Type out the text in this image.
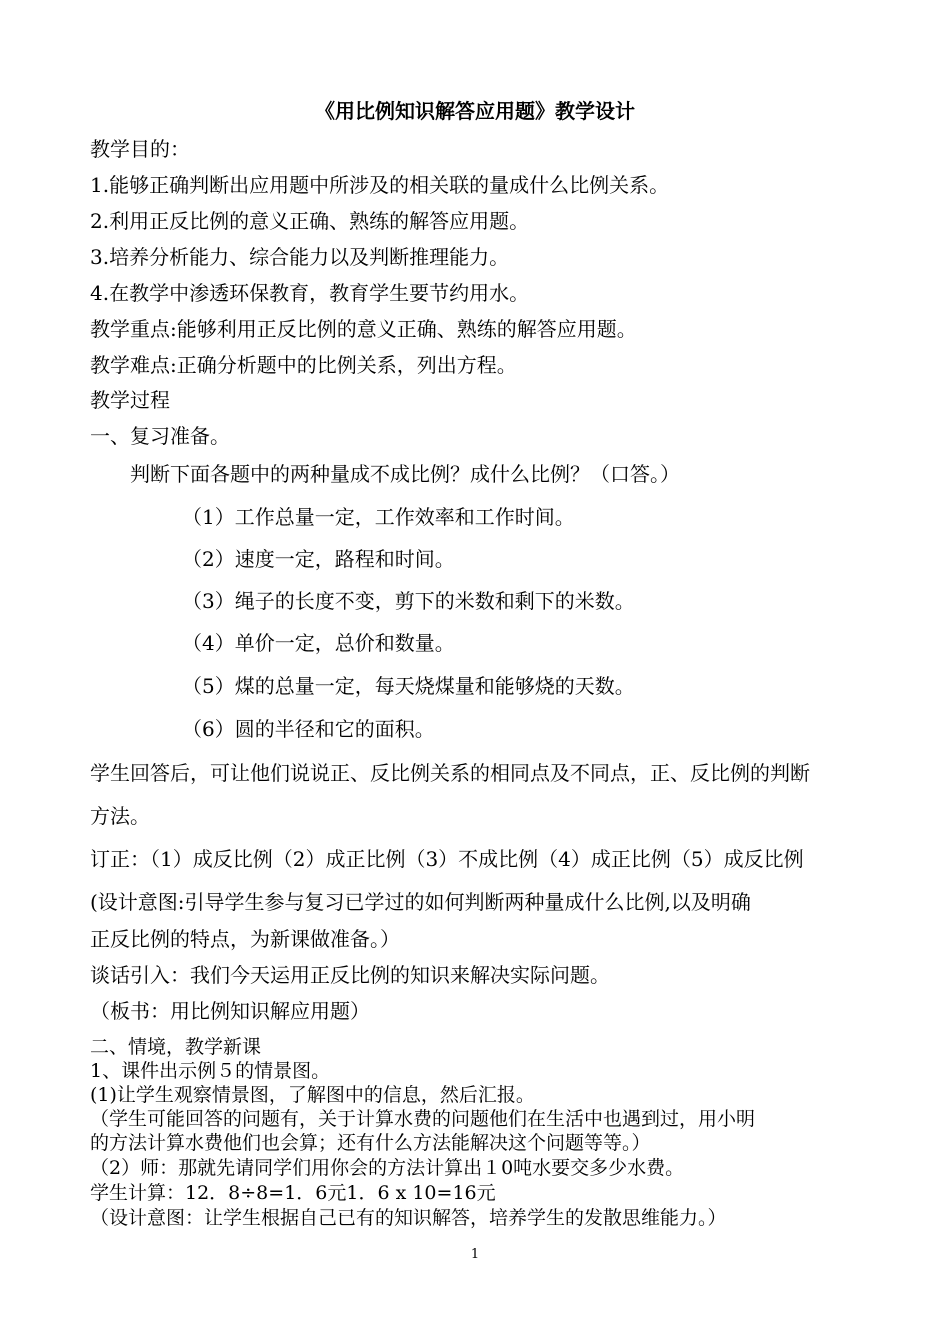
《用比例知识解答应用题》教学设计

教学目的：

1.能够正确判断出应用题中所涉及的相关联的量成什么比例关系。

2.利用正反比例的意义正确、熟练的解答应用题。

3.培养分析能力、综合能力以及判断推理能力。

4.在教学中渗透环保教育，教育学生要节约用水。

教学重点:能够利用正反比例的意义正确、熟练的解答应用题。

教学难点:正确分析题中的比例关系，列出方程。

教学过程

一、复习准备。

判断下面各题中的两种量成不成比例？成什么比例？（口答。）

（1）工作总量一定，工作效率和工作时间。

（2）速度一定，路程和时间。

（3）绳子的长度不变，剪下的米数和剩下的米数。

（4）单价一定，总价和数量。

（5）煤的总量一定，每天烧煤量和能够烧的天数。

（6）圆的半径和它的面积。

学生回答后，可让他们说说正、反比例关系的相同点及不同点，正、反比例的判断

方法。

订正：（1）成反比例（2）成正比例（3）不成比例（4）成正比例（5）成反比例

(设计意图:引导学生参与复习已学过的如何判断两种量成什么比例,以及明确

正反比例的特点，为新课做准备。）

谈话引入：我们今天运用正反比例的知识来解决实际问题。

（板书：用比例知识解应用题）

二、情境，教学新课

1、课件出示例５的情景图。

(1)让学生观察情景图，了解图中的信息，然后汇报。

（学生可能回答的问题有，关于计算水费的问题他们在生活中也遇到过，用小明

的方法计算水费他们也会算；还有什么方法能解决这个问题等等。）

（2）师：那就先请同学们用你会的方法计算出１0吨水要交多少水费。

学生计算：12．8÷8=1．6元1．6 x 10=16元

（设计意图：让学生根据自己已有的知识解答，培养学生的发散思维能力。）

1
